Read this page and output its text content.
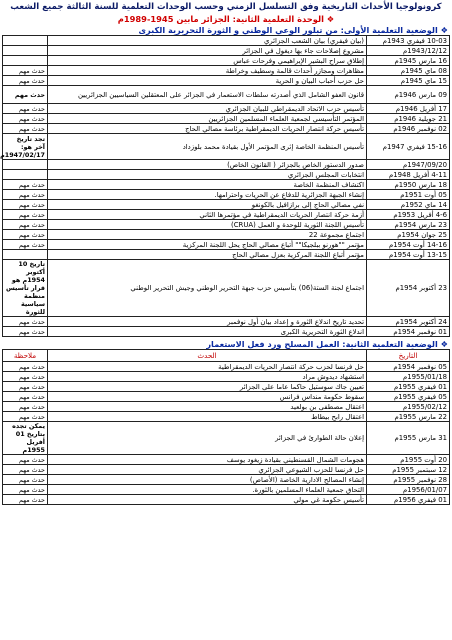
كرونولوجيا الأحداث التاريخية وفق التسلسل الزمني وحسب الوحدات التعلمية للسنة الثالثة جميع الشعب
❖ الوحدة التعلمية الثانية: الجزائر مابين 1945-1989م
❖ الوضعية التعلمية الأولى: من تبلور الوعي الوطني و الثورة التحريرية الكبرى
10-03 فيفري 1943م	(بيان فيفري) بيان الشعب الجزائري	
1943/12/12م	مشروع إصلاحات جاء بها ديغول في الجزائر	
16 مارس 1945م	إطلاق سراح البشير الإبراهيمي وفرحات عباس	
08 ماي 1945م	مظاهرات ومجازر أحداث قالمة وسطيف وخراطة	حدث مهم
15 ماي 1945م	حل حزب أحباب البيان و الحرية	حدث مهم
09 مارس 1946م	قانون العفو الشامل الذي أصدرته سلطات الاستعمار في الجزائر على المعتقلين السياسيين الجزائريين	حدث مهم
17 أفريل 1946م	تأسيس حزب الاتحاد الديمقراطي للبيان الجزائري	حدث مهم
21 جويلية 1946م	المؤتمر التأسيسي لجمعية العلماء المسلمين الجزائريين	حدث مهم
02 نوفمبر 1946م	تأسيس حركة انتصار الحريات الديمقراطية برئاسة مصالي الحاج	حدث مهم
15-16 فيفري 1947م	تأسيس المنظمة الخاصة إثرى المؤتمر الأول بقيادة محمد بلوزداد	تجد تاريخ آخر هو: 1947/02/17م
1947/09/20م	صدور الدستور الخاص بالجزائر ( القانون الخاص)	
4-11 أفريل 1948م	انتخابات المجلس الجزائري	
18 مارس 1950م	اكتشاف المنظمة الخاصة	حدث مهم
05 أوت 1951م	إنشاء الجبهة الجزائرية للدفاع عن الحريات واحترامها.	حدث مهم
14 ماي 1952م	نفي مصالي الحاج إلى برازافيل بالكونغو	حدث مهم
4-6 أفريل 1953م	أزمة حركة انتصار الحريات الديمقراطية في مؤتمرها الثاني	حدث مهم
23 مارس 1954م	تأسيس اللجنة الثورية للوحدة و العمل (CRUA)	حدث مهم
25 جوان 1954م	اجتماع مجموعة 22	حدث مهم
14-16 أوت 1954م	مؤتمر ""هورنو ببلجيكا"" أتباع مصالي الحاج يحل اللجنة المركزية	حدث مهم
13-15 أوت 1954م	مؤتمر أتباع اللجنة المركزية بعزل مصالي الحاج	
23 أكتوبر 1954م	اجتماع لجنة الستة(06) بتأسيس حزب جبهة التحرير الوطني وجيش التحرير الوطني	تاريخ 10 أكتوبر 1954م هو قرار تأسيس منظمة سياسية للثورة
24 أكتوبر 1954م	تحديد تاريخ اندلاع الثورة و إعداد بيان أول نوفمبر	حدث مهم
01 نوفمبر 1954م	اندلاع الثورة التحريرية الكبرى	حدث مهم
❖ الوضعية التعلمية الثانية: العمل المسلح ورد فعل الاستعمار
التاريخ	الحدث	ملاحظة
05 نوفمبر 1954م	حل فرنسا لحزب حركة انتصار الحريات الديمقراطية	حدث مهم
1955/01/18م	استشهاد ديدوش مراد	حدث مهم
01 فيفري 1955م	تعيين جاك سوستيل حاكما عاما على الجزائر	حدث مهم
05 فيفري 1955م	سقوط حكومة منداس فرانس	حدث مهم
1955/02/12م	اعتقال مصطفى بن بولعيد	حدث مهم
22 مارس 1955م	اعتقال رابح بيطاط	حدث مهم
31 مارس 1955م	إعلان حالة الطوارئ في الجزائر	يمكن تجده بتاريخ 01 أفريل 1955م
20 أوت 1955م	هجومات الشمال القسنطيني بقيادة زيغود يوسف	حدث مهم
12 سبتمبر 1955م	حل فرنسا للحزب الشيوعي الجزائري	حدث مهم
28 نوفمبر 1955م	إنشاء المصالح الادارية الخاصة (الأصاص)	حدث مهم
1956/01/07م	التحاق جمعية العلماء المسلمين بالثورة.	حدث مهم
01 فيفري 1956م	تأسيس حكومة غي مولي	حدث مهم
